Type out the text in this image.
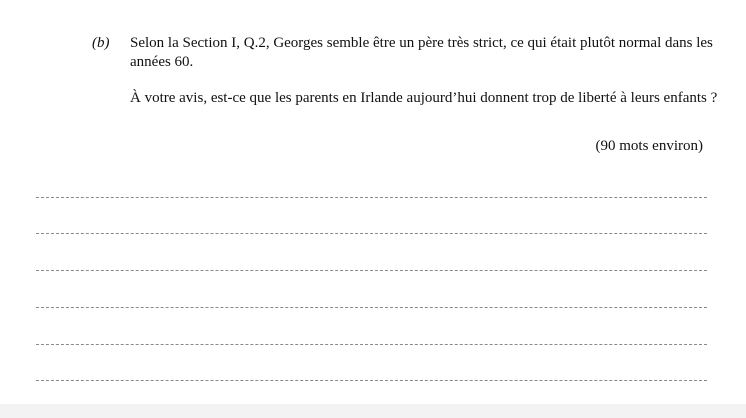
(b) Selon la Section I, Q.2, Georges semble être un père très strict, ce qui était plutôt normal dans les années 60.

À votre avis, est-ce que les parents en Irlande aujourd’hui donnent trop de liberté à leurs enfants ?

(90 mots environ)
